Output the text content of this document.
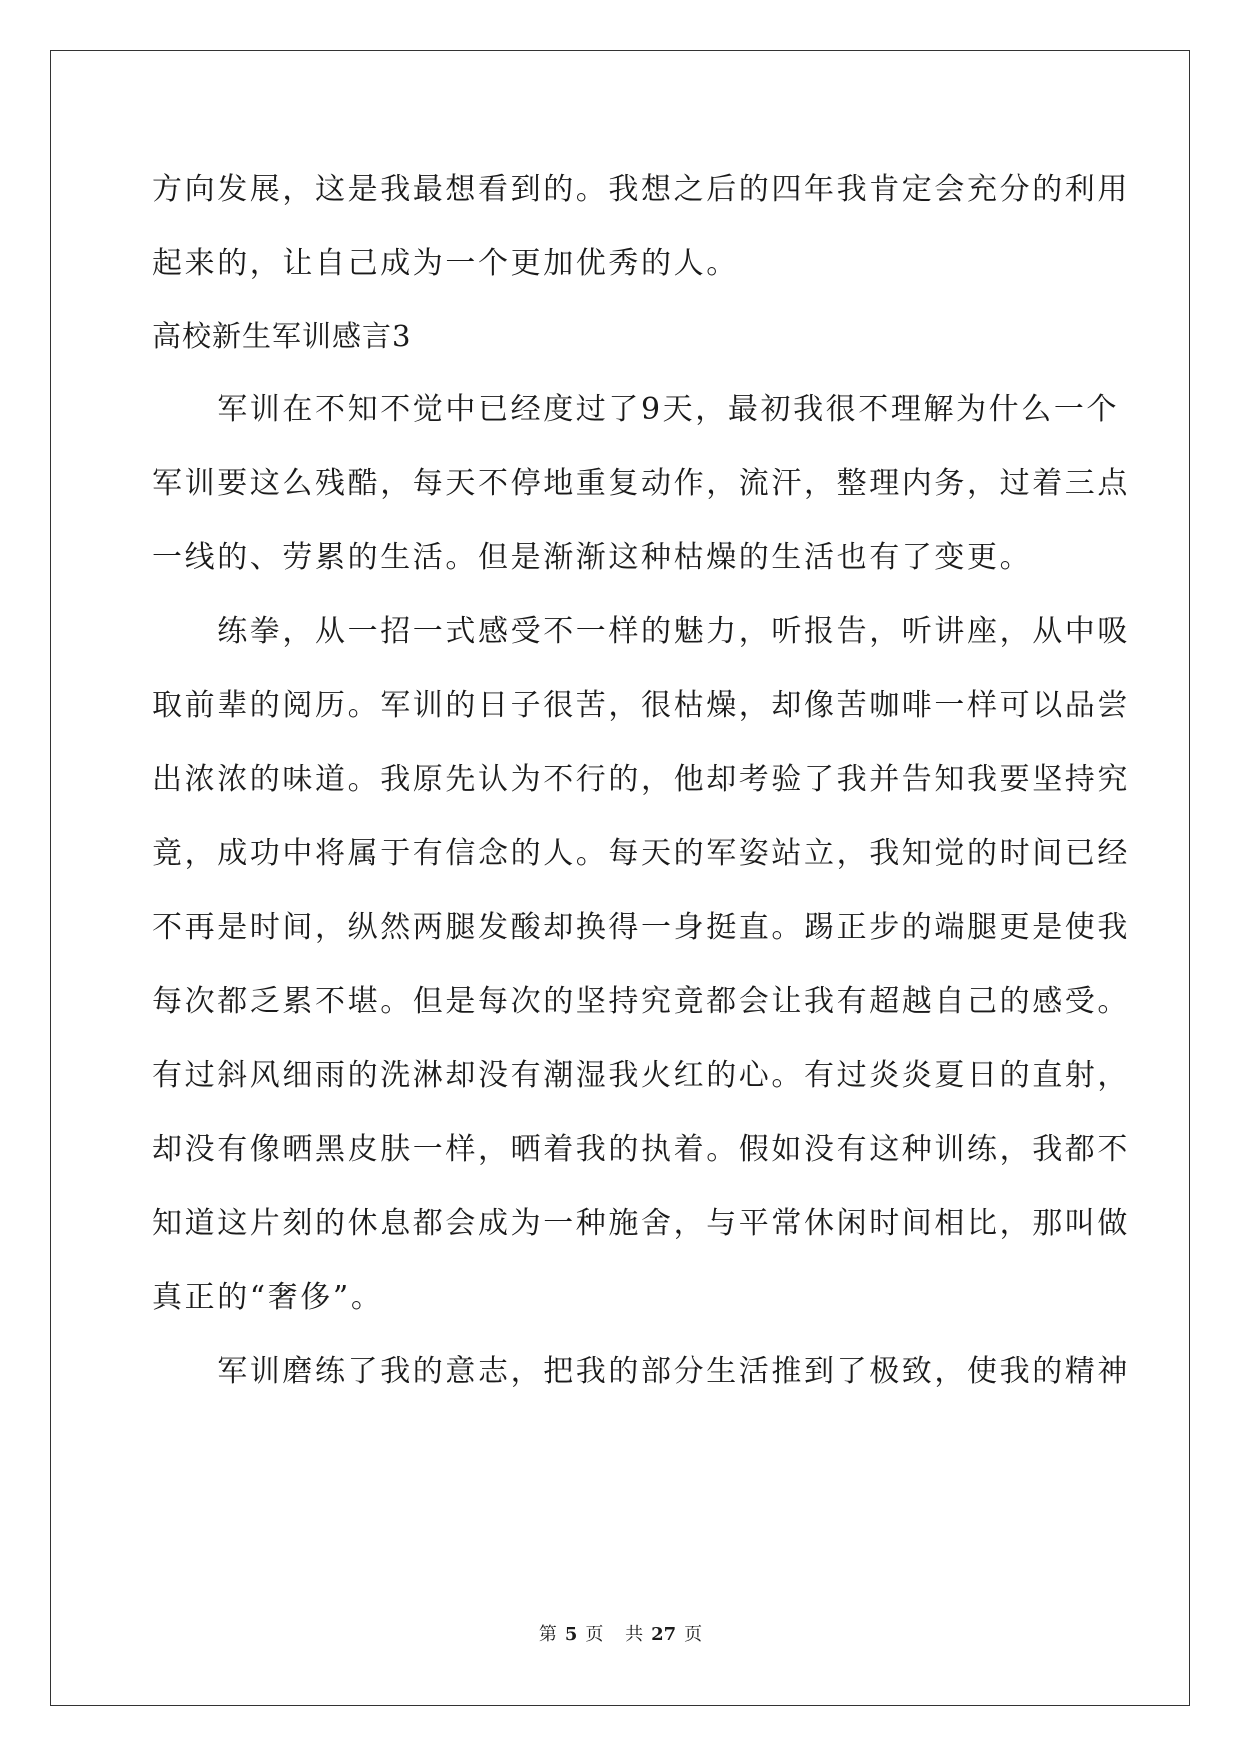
方向发展，这是我最想看到的。我想之后的四年我肯定会充分的利用
起来的，让自己成为一个更加优秀的人。
高校新生军训感言3
　　军训在不知不觉中已经度过了9天，最初我很不理解为什么一个
军训要这么残酷，每天不停地重复动作，流汗，整理内务，过着三点
一线的、劳累的生活。但是渐渐这种枯燥的生活也有了变更。
　　练拳，从一招一式感受不一样的魅力，听报告，听讲座，从中吸
取前辈的阅历。军训的日子很苦，很枯燥，却像苦咖啡一样可以品尝
出浓浓的味道。我原先认为不行的，他却考验了我并告知我要坚持究
竟，成功中将属于有信念的人。每天的军姿站立，我知觉的时间已经
不再是时间，纵然两腿发酸却换得一身挺直。踢正步的端腿更是使我
每次都乏累不堪。但是每次的坚持究竟都会让我有超越自己的感受。
有过斜风细雨的洗淋却没有潮湿我火红的心。有过炎炎夏日的直射，
却没有像晒黑皮肤一样，晒着我的执着。假如没有这种训练，我都不
知道这片刻的休息都会成为一种施舍，与平常休闲时间相比，那叫做
真正的“奢侈”。
　　军训磨练了我的意志，把我的部分生活推到了极致，使我的精神
第 5 页 共 27 页
